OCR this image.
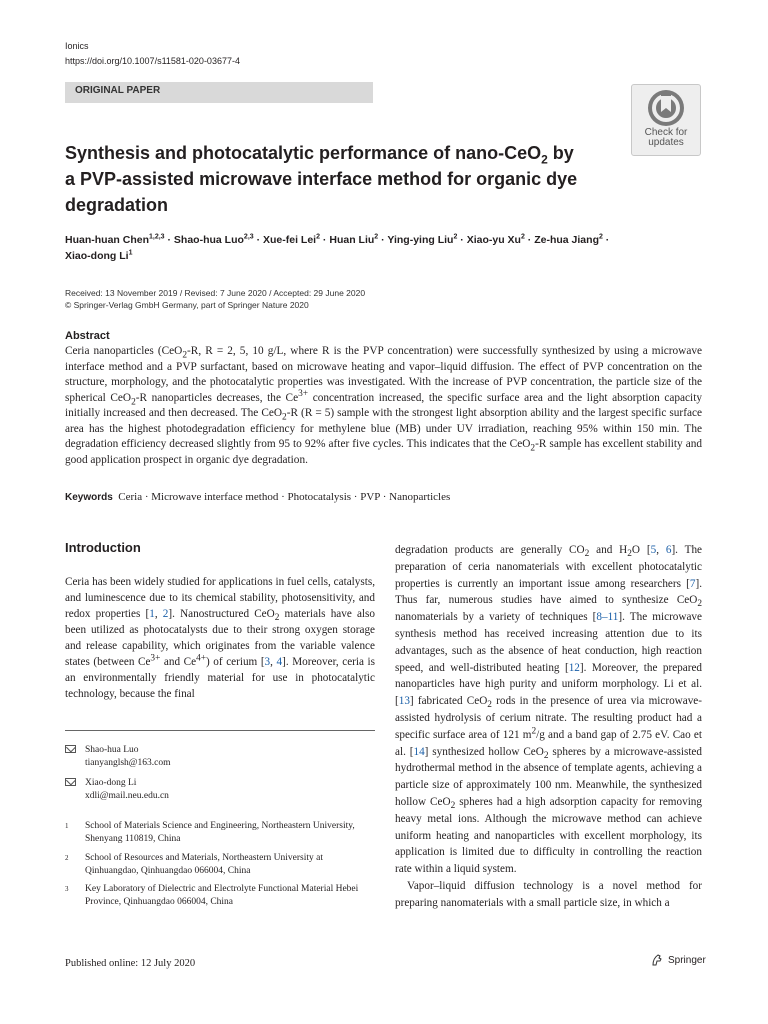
Ionics
https://doi.org/10.1007/s11581-020-03677-4
ORIGINAL PAPER
Check for
updates
Synthesis and photocatalytic performance of nano-CeO$_2$ by a PVP-assisted microwave interface method for organic dye degradation
Huan-huan Chen$^{1,2,3}$ · Shao-hua Luo$^{2,3}$ · Xue-fei Lei$^2$ · Huan Liu$^2$ · Ying-ying Liu$^2$ · Xiao-yu $Xu^2 \cdot Ze-hua$ Jiang$^2$ ·
Xiao-dong Li$^1$
Received: 13 November 2019 / Revised: 7 June 2020 / Accepted: 29 June 2020
© Springer-Verlag GmbH Germany, part of Springer Nature 2020
Abstract
Ceria nanoparticles (CeO$_2$-R, R = 2, 5, 10 g/L, where R is the PVP concentration) were successfully synthesized by using a microwave interface method and a PVP surfactant, based on microwave heating and vapor–liquid diffusion. The effect of PVP concentration on the structure, morphology, and the photocatalytic properties was investigated. With the increase of PVP concentration, the particle size of the spherical CeO$_2$-R nanoparticles decreases, the $Ce^{3+}$ concentration increased, the specific surface area and the light absorption capacity initially increased and then decreased. The CeO$_2$-R (R = 5) sample with the strongest light absorption ability and the largest specific surface area has the highest photodegradation efficiency for methylene blue (MB) under UV irradiation, reaching 95% within 150 min. The degradation efficiency decreased slightly from 95 to 92% after five cycles. This indicates that the CeO$_2$-R sample has excellent stability and good application prospect in organic dye degradation.
Keywords Ceria · Microwave interface method · Photocatalysis · PVP · Nanoparticles
Introduction
Ceria has been widely studied for applications in fuel cells, catalysts, and luminescence due to its chemical stability, photosensitivity, and redox properties [1, 2]. Nanostructured CeO$_2$ materials have also been utilized as photocatalysts due to their strong oxygen storage and release capability, which originates from the variable valence states (between $Ce^{3+}$ and $Ce^{4+}$) of cerium [3, 4]. Moreover, ceria is an environmentally friendly material for use in photocatalytic technology, because the final
degradation products are generally $CO_2$ and $H_2O$ [5, 6]. The preparation of ceria nanomaterials with excellent photocatalytic properties is currently an important issue among researchers [7]. Thus far, numerous studies have aimed to synthesize CeO$_2$ nanomaterials by a variety of techniques [8–11]. The microwave synthesis method has received increasing attention due to its advantages, such as the absence of heat conduction, high reaction speed, and well-distributed heating [12]. Moreover, the prepared nanoparticles have high purity and uniform morphology. Li et al. [13] fabricated CeO$_2$ rods in the presence of urea via microwave-assisted hydrolysis of cerium nitrate. The resulting product had a specific surface area of 121 $m^2/g$ and a band gap of 2.75 eV. Cao et al. [14] synthesized hollow CeO$_2$ spheres by a microwave-assisted hydrothermal method in the absence of template agents, achieving a particle size of approximately 100 nm. Meanwhile, the synthesized hollow CeO$_2$ spheres had a high adsorption capacity for removing heavy metal ions. Although the microwave method can achieve uniform heating and nanoparticles with excellent morphology, its application is limited due to difficulty in controlling the reaction rate within a liquid system.
Vapor–liquid diffusion technology is a novel method for preparing nanomaterials with a small particle size, in which a
Shao-hua Luo
tianyanglsh@163.com
Xiao-dong Li
xdli@mail.neu.edu.cn
1 School of Materials Science and Engineering, Northeastern University, Shenyang 110819, China
2 School of Resources and Materials, Northeastern University at Qinhuangdao, Qinhuangdao 066004, China
3 Key Laboratory of Dielectric and Electrolyte Functional Material Hebei Province, Qinhuangdao 066004, China
Published online: 12 July 2020	Springer
